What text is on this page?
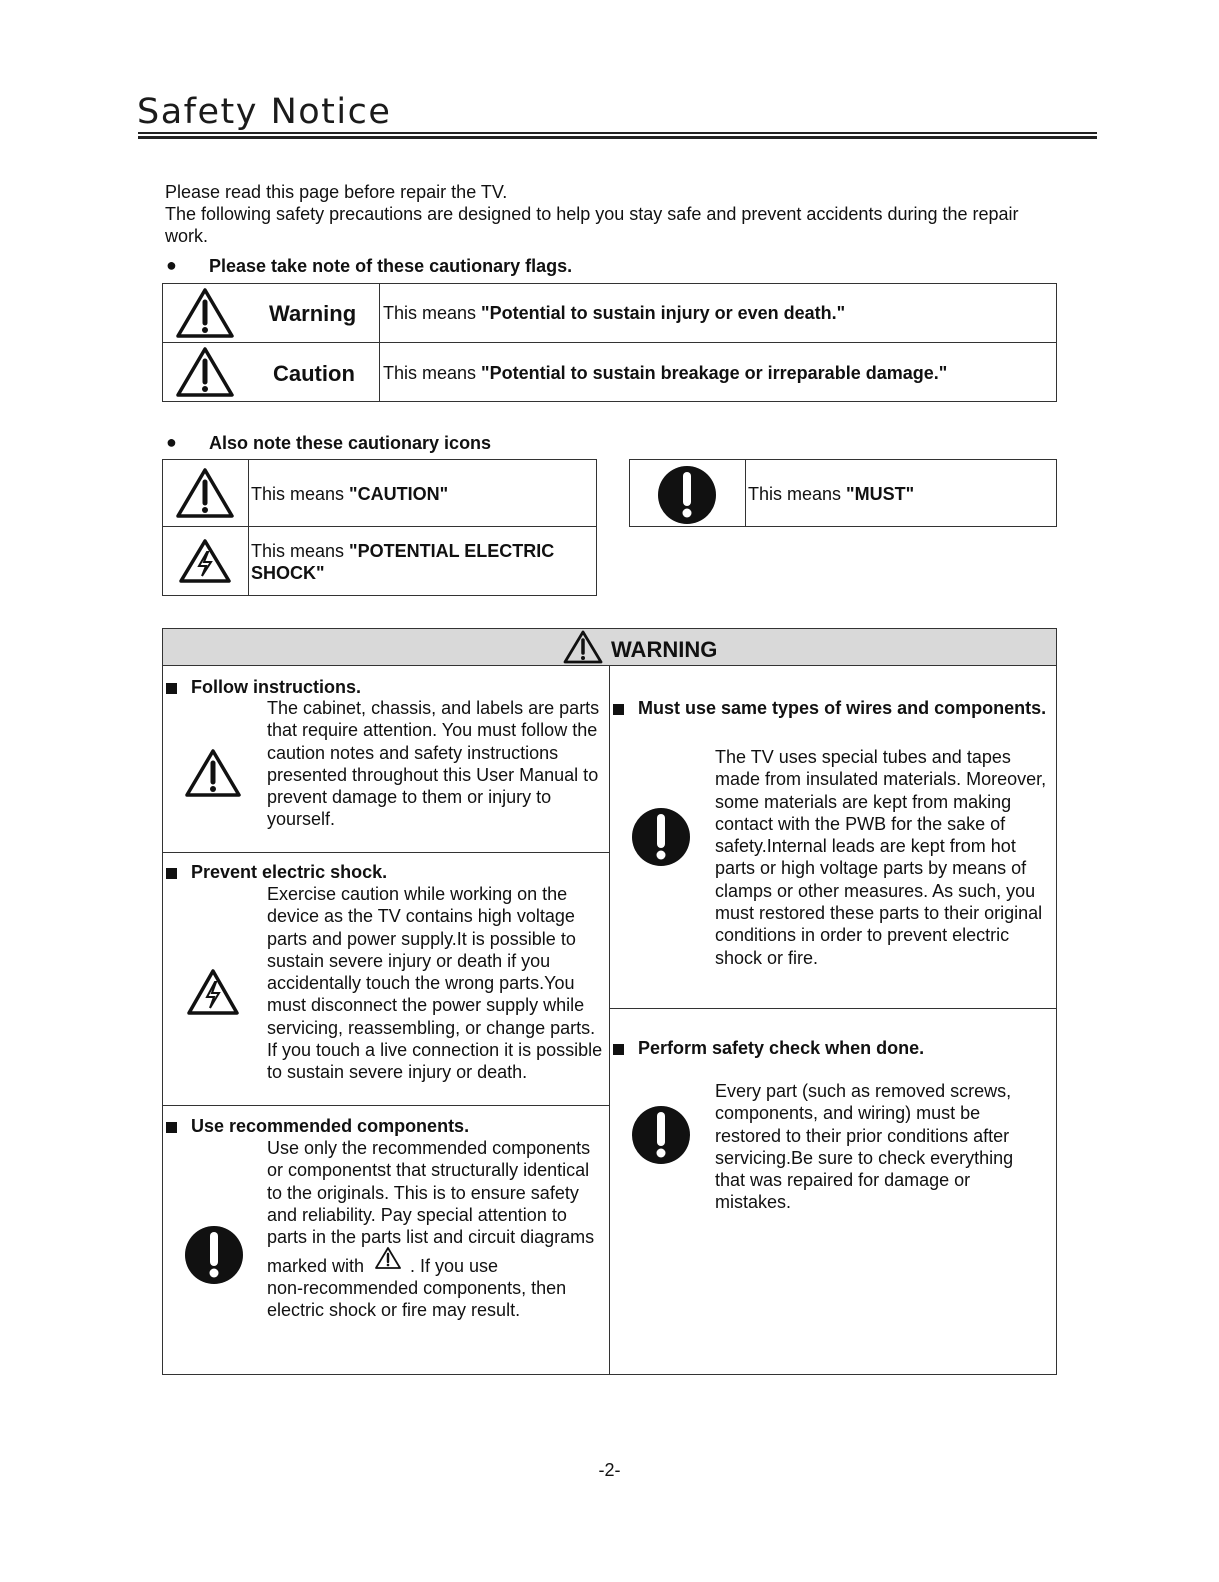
Safety Notice
Please read this page before repair the TV.
The following safety precautions are designed to help you stay safe and prevent accidents during the repair
work.
● Please take note of these cautionary flags.
Warning This means "Potential to sustain injury or even death."
Caution This means "Potential to sustain breakage or irreparable damage."
● Also note these cautionary icons
This means "CAUTION"
This means "POTENTIAL ELECTRIC
SHOCK"
This means "MUST"
WARNING
Follow instructions.
The cabinet, chassis, and labels are parts
that require attention. You must follow the
caution notes and safety instructions
presented throughout this User Manual to
prevent damage to them or injury to
yourself.
Prevent electric shock.
Exercise caution while working on the
device as the TV contains high voltage
parts and power supply.It is possible to
sustain severe injury or death if you
accidentally touch the wrong parts.You
must disconnect the power supply while
servicing, reassembling, or change parts.
If you touch a live connection it is possible
to sustain severe injury or death.
Use recommended components.
Use only the recommended components
or componentst that structurally identical
to the originals. This is to ensure safety
and reliability. Pay special attention to
parts in the parts list and circuit diagrams
marked with	. If you use
non-recommended components, then
electric shock or fire may result.
Must use same types of wires and components.
The TV uses special tubes and tapes
made from insulated materials. Moreover,
some materials are kept from making
contact with the PWB for the sake of
safety.Internal leads are kept from hot
parts or high voltage parts by means of
clamps or other measures. As such, you
must restored these parts to their original
conditions in order to prevent electric
shock or fire.
Perform safety check when done.
Every part (such as removed screws,
components, and wiring) must be
restored to their prior conditions after
servicing.Be sure to check everything
that was repaired for damage or
mistakes.
-2-
